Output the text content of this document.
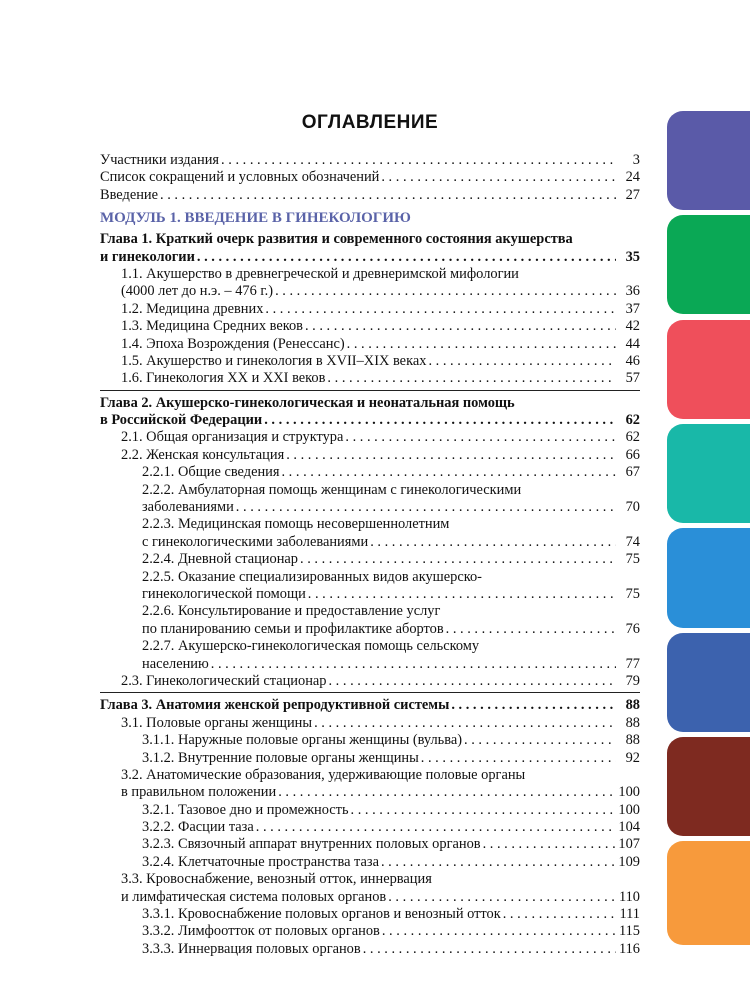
ОГЛАВЛЕНИЕ
Участники издания . . .	3
Список сокращений и условных обозначений . . .	24
Введение . . .	27
МОДУЛЬ 1. ВВЕДЕНИЕ В ГИНЕКОЛОГИЮ
Глава 1. Краткий очерк развития и современного состояния акушерства
и гинекологии . . .	35
1.1. Акушерство в древнегреческой и древнеримской мифологии
(4000 лет до н.э. – 476 г.) . . .	36
1.2. Медицина древних . . .	37
1.3. Медицина Средних веков . . .	42
1.4. Эпоха Возрождения (Ренессанс) . . .	44
1.5. Акушерство и гинекология в XVII–XIX веках . . .	46
1.6. Гинекология XX и XXI веков . . .	57
Глава 2. Акушерско-гинекологическая и неонатальная помощь
в Российской Федерации . . .	62
2.1. Общая организация и структура . . .	62
2.2. Женская консультация . . .	66
2.2.1. Общие сведения . . .	67
2.2.2. Амбулаторная помощь женщинам с гинекологическими
заболеваниями . . .	70
2.2.3. Медицинская помощь несовершеннолетним
с гинекологическими заболеваниями . . .	74
2.2.4. Дневной стационар . . .	75
2.2.5. Оказание специализированных видов акушерско-
гинекологической помощи . . .	75
2.2.6. Консультирование и предоставление услуг
по планированию семьи и профилактике абортов . . .	76
2.2.7. Акушерско-гинекологическая помощь сельскому
населению . . .	77
2.3. Гинекологический стационар . . .	79
Глава 3. Анатомия женской репродуктивной системы . . .	88
3.1. Половые органы женщины . . .	88
3.1.1. Наружные половые органы женщины (вульва) . . .	88
3.1.2. Внутренние половые органы женщины . . .	92
3.2. Анатомические образования, удерживающие половые органы
в правильном положении . . .	100
3.2.1. Тазовое дно и промежность . . .	100
3.2.2. Фасции таза . . .	104
3.2.3. Связочный аппарат внутренних половых органов . . .	107
3.2.4. Клетчаточные пространства таза . . .	109
3.3. Кровоснабжение, венозный отток, иннервация
и лимфатическая система половых органов . . .	110
3.3.1. Кровоснабжение половых органов и венозный отток . . .	111
3.3.2. Лимфоотток от половых органов . . .	115
3.3.3. Иннервация половых органов . . .	116
